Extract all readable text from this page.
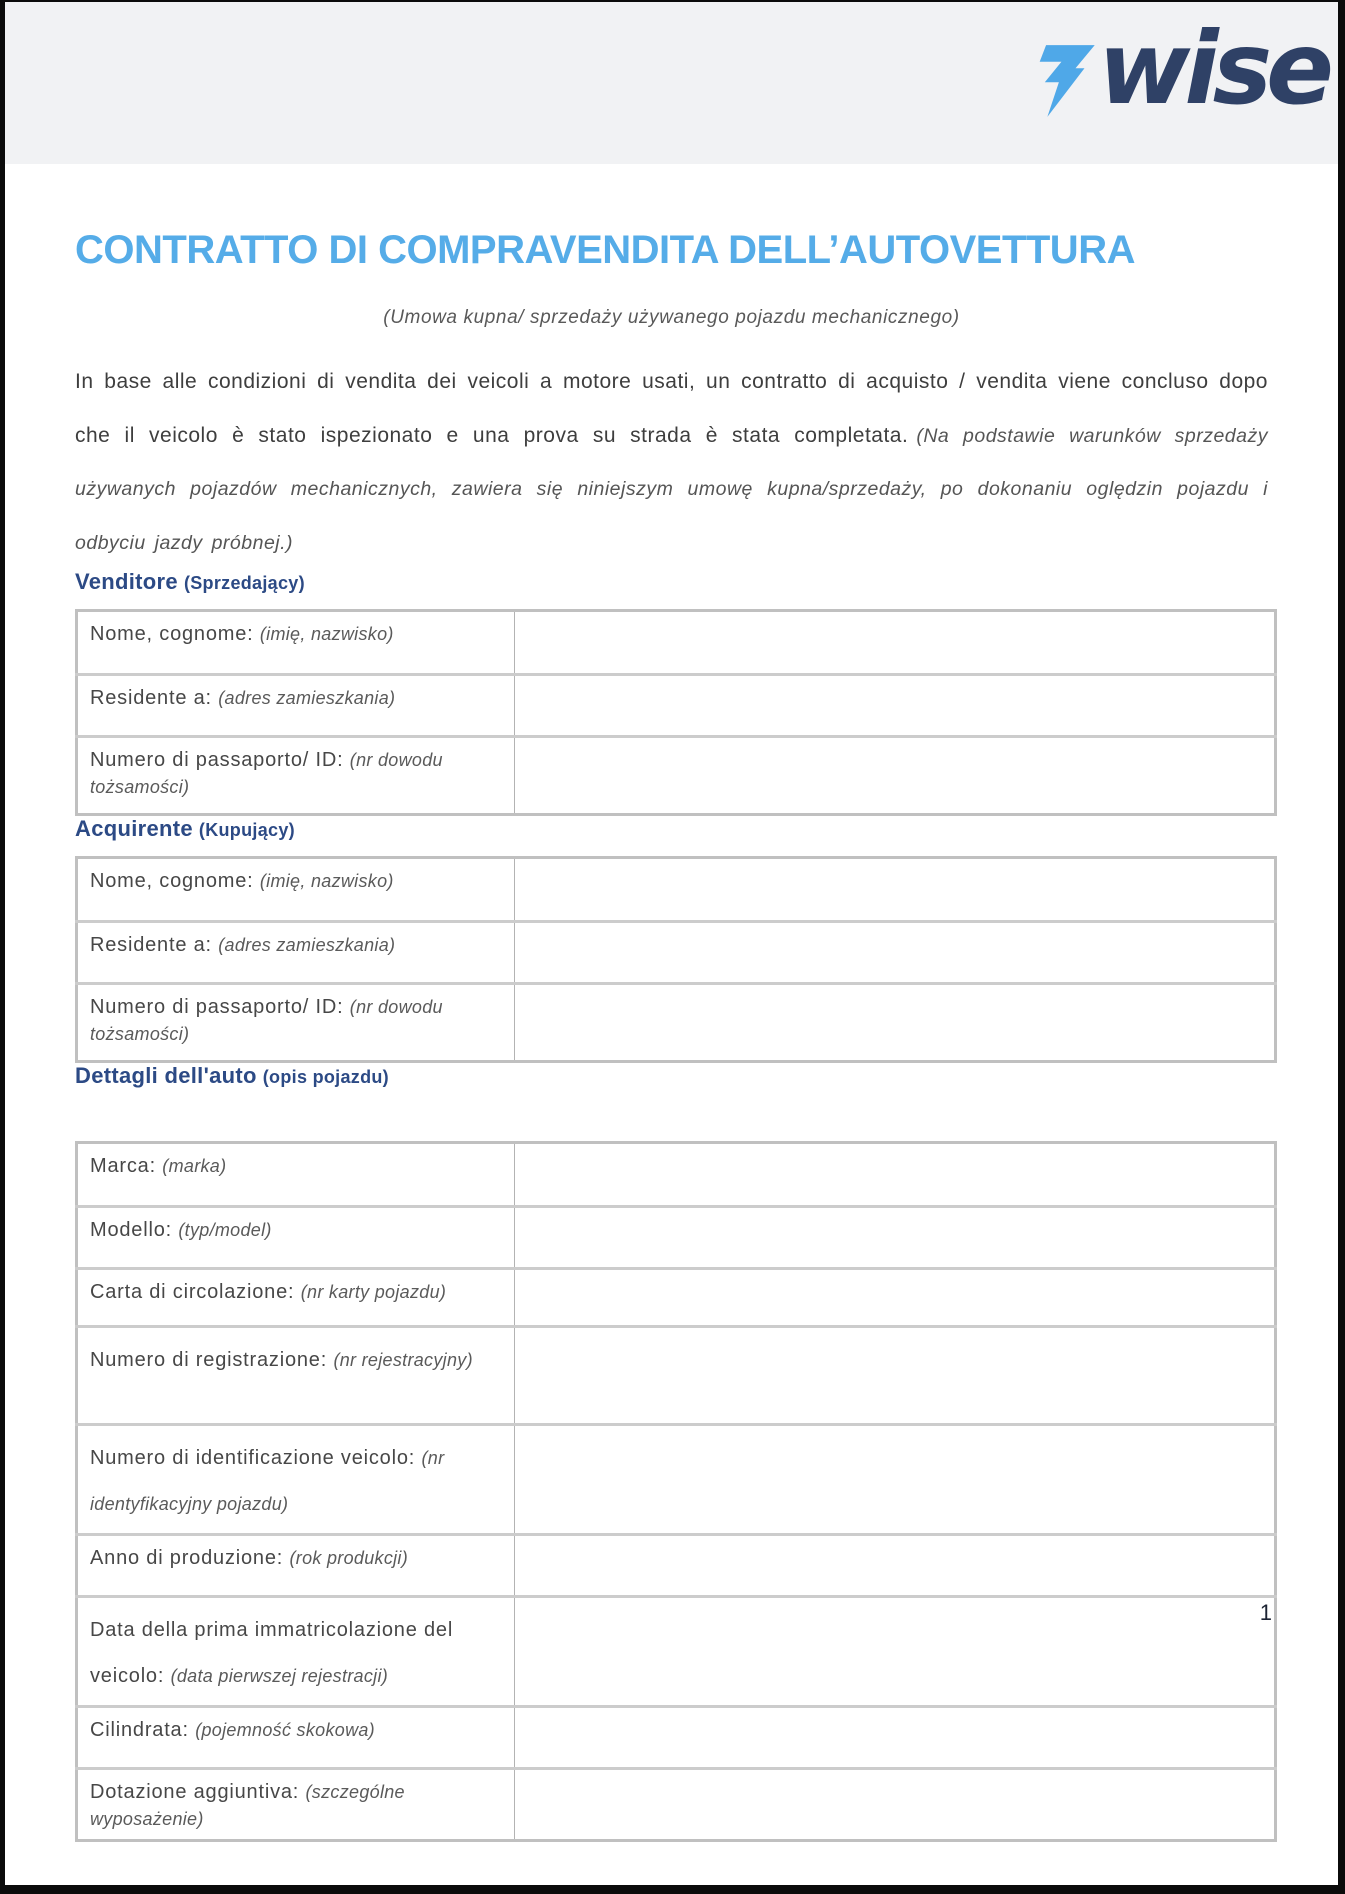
wise
CONTRATTO DI COMPRAVENDITA DELL’AUTOVETTURA

(Umowa kupna/ sprzedaży używanego pojazdu mechanicznego)

In base alle condizioni di vendita dei veicoli a motore usati, un contratto di acquisto / vendita viene concluso dopo che il veicolo è stato ispezionato e una prova su strada è stata completata. (Na podstawie warunków sprzedaży używanych pojazdów mechanicznych, zawiera się niniejszym umowę kupna/sprzedaży, po dokonaniu oględzin pojazdu i odbyciu jazdy próbnej.)

Venditore (Sprzedający)
Nome, cognome: (imię, nazwisko)	
Residente a: (adres zamieszkania)	
Numero di passaporto/ ID: (nr dowodu tożsamości)	
Acquirente (Kupujący)
Nome, cognome: (imię, nazwisko)	
Residente a: (adres zamieszkania)	
Numero di passaporto/ ID: (nr dowodu tożsamości)	
Dettagli dell'auto (opis pojazdu)
Marca: (marka)	
Modello: (typ/model)	
Carta di circolazione: (nr karty pojazdu)	
Numero di registrazione: (nr rejestracyjny)	
Numero di identificazione veicolo: (nr identyfikacyjny pojazdu)	
Anno di produzione: (rok produkcji)	
Data della prima immatricolazione del veicolo: (data pierwszej rejestracji)	
Cilindrata: (pojemność skokowa)	
Dotazione aggiuntiva: (szczególne wyposażenie)	
1
